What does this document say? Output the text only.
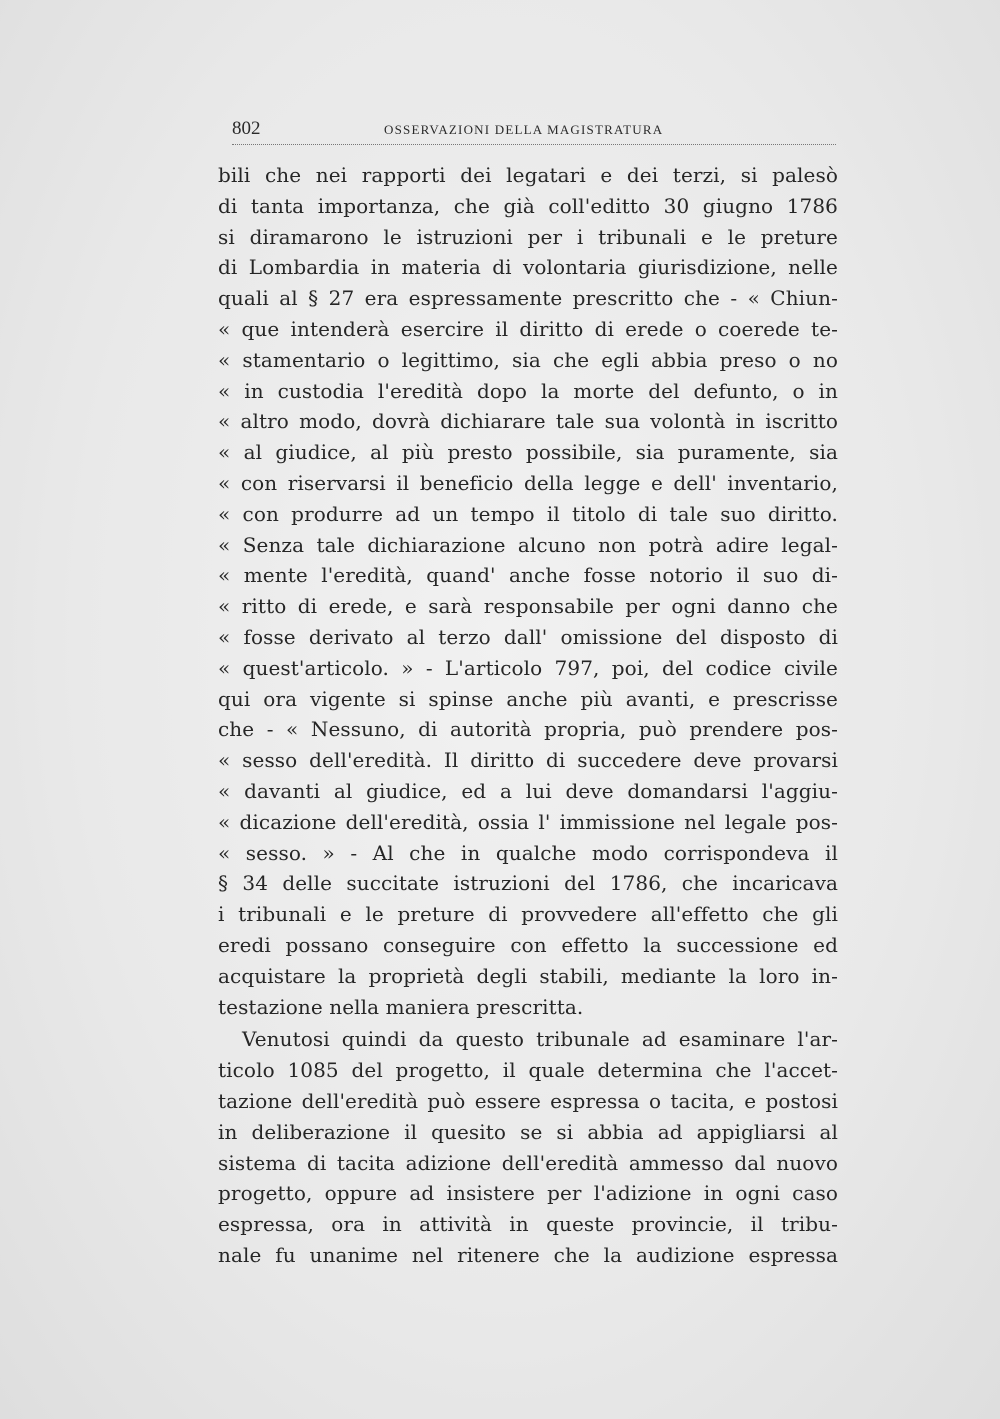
802	OSSERVAZIONI DELLA MAGISTRATURA
bili che nei rapporti dei legatari e dei terzi, si palesò
di tanta importanza, che già coll'editto 30 giugno 1786
si diramarono le istruzioni per i tribunali e le preture
di Lombardia in materia di volontaria giurisdizione, nelle
quali al § 27 era espressamente prescritto che - « Chiun-
« que intenderà esercire il diritto di erede o coerede te-
« stamentario o legittimo, sia che egli abbia preso o no
« in custodia l'eredità dopo la morte del defunto, o in
« altro modo, dovrà dichiarare tale sua volontà in iscritto
« al giudice, al più presto possibile, sia puramente, sia
« con riservarsi il beneficio della legge e dell' inventario,
« con produrre ad un tempo il titolo di tale suo diritto.
« Senza tale dichiarazione alcuno non potrà adire legal-
« mente l'eredità, quand' anche fosse notorio il suo di-
« ritto di erede, e sarà responsabile per ogni danno che
« fosse derivato al terzo dall' omissione del disposto di
« quest'articolo. » - L'articolo 797, poi, del codice civile
qui ora vigente si spinse anche più avanti, e prescrisse
che - « Nessuno, di autorità propria, può prendere pos-
« sesso dell'eredità. Il diritto di succedere deve provarsi
« davanti al giudice, ed a lui deve domandarsi l'aggiu-
« dicazione dell'eredità, ossia l' immissione nel legale pos-
« sesso. » - Al che in qualche modo corrispondeva il
§ 34 delle succitate istruzioni del 1786, che incaricava
i tribunali e le preture di provvedere all'effetto che gli
eredi possano conseguire con effetto la successione ed
acquistare la proprietà degli stabili, mediante la loro in-
testazione nella maniera prescritta.
Venutosi quindi da questo tribunale ad esaminare l'ar-
ticolo 1085 del progetto, il quale determina che l'accet-
tazione dell'eredità può essere espressa o tacita, e postosi
in deliberazione il quesito se si abbia ad appigliarsi al
sistema di tacita adizione dell'eredità ammesso dal nuovo
progetto, oppure ad insistere per l'adizione in ogni caso
espressa, ora in attività in queste provincie, il tribu-
nale fu unanime nel ritenere che la audizione espressa
